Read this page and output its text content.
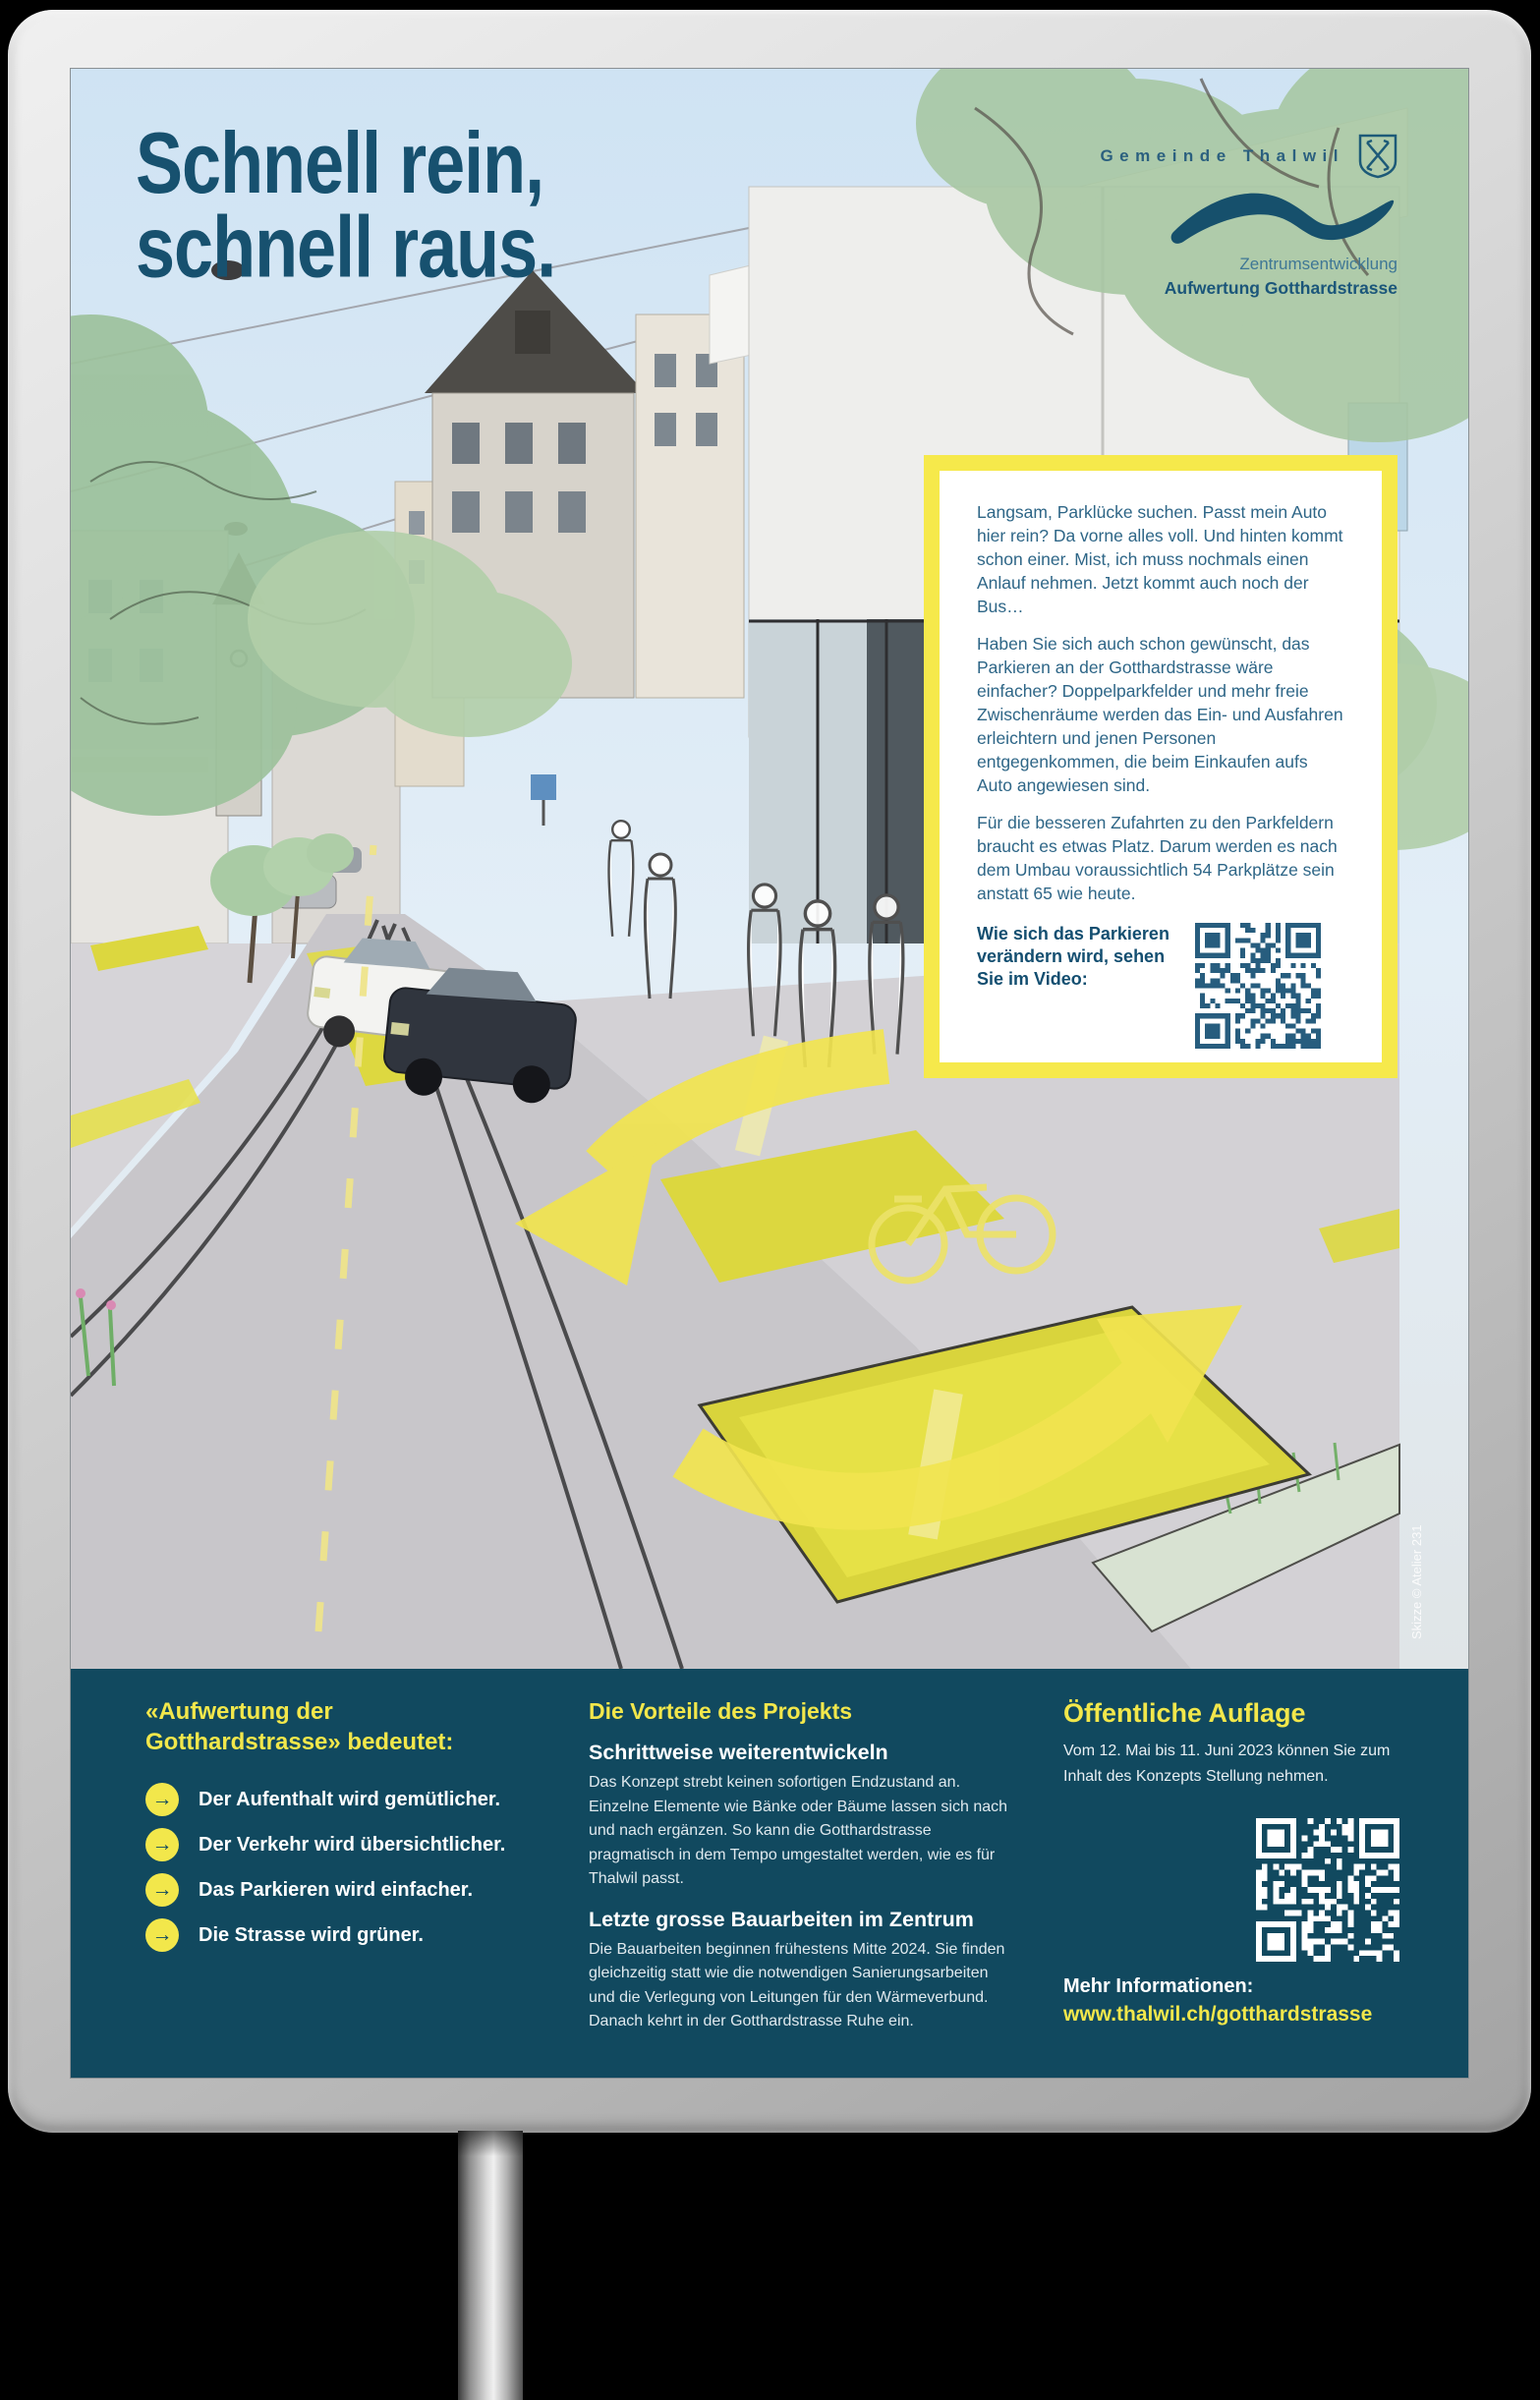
Skizze © Atelier 231
Schnell rein,
schnell raus.
Gemeinde Thalwil
Zentrumsentwicklung
Aufwertung Gotthardstrasse

Langsam, Parklücke suchen. Passt mein Auto hier rein? Da vorne alles voll. Und hinten kommt schon einer. Mist, ich muss nochmals einen Anlauf nehmen. Jetzt kommt auch noch der Bus…

Haben Sie sich auch schon gewünscht, das Parkieren an der Gotthardstrasse wäre einfacher? Doppelparkfelder und mehr freie Zwischenräume werden das Ein- und Ausfahren erleichtern und jenen Personen entgegenkommen, die beim Einkaufen aufs Auto angewiesen sind.

Für die besseren Zufahrten zu den Parkfeldern braucht es etwas Platz. Darum werden es nach dem Umbau voraussichtlich 54 Parkplätze sein anstatt 65 wie heute.

Wie sich das Parkieren verändern wird, sehen Sie im Video:
«Aufwertung der Gotthardstrasse» bedeutet:
→	Der Aufenthalt wird gemütlicher.
→	Der Verkehr wird übersichtlicher.
→	Das Parkieren wird einfacher.
→	Die Strasse wird grüner.
Die Vorteile des Projekts
Schrittweise weiterentwickeln

Das Konzept strebt keinen sofortigen Endzustand an. Einzelne Elemente wie Bänke oder Bäume lassen sich nach und nach ergänzen. So kann die Gotthardstrasse pragmatisch in dem Tempo umgestaltet werden, wie es für Thalwil passt.

Letzte grosse Bauarbeiten im Zentrum

Die Bauarbeiten beginnen frühestens Mitte 2024. Sie finden gleichzeitig statt wie die notwendigen Sanierungsarbeiten und die Verlegung von Leitungen für den Wärmeverbund. Danach kehrt in der Gotthardstrasse Ruhe ein.

Öffentliche Auflage
Vom 12. Mai bis 11. Juni 2023 können Sie zum Inhalt des Konzepts Stellung nehmen.
Mehr Informationen:
www.thalwil.ch/gotthardstrasse
